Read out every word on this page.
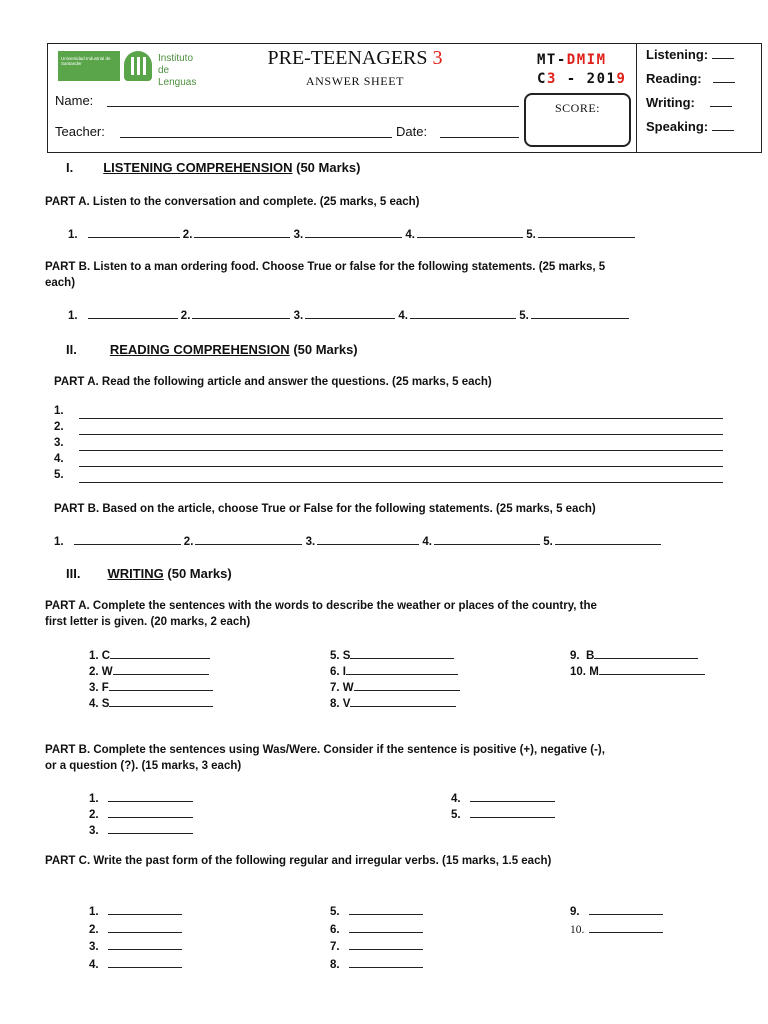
Universidad Industrial de Santander	Instituto de
Lenguas
PRE-TEENAGERS 3
ANSWER SHEET
MT-DMIM
C3 - 2019
SCORE:
Name:
Teacher:	Date:
Listening:
Reading:
Writing:
Speaking:
I. LISTENING COMPREHENSION (50 Marks)
PART A. Listen to the conversation and complete. (25 marks, 5 each)
1.	2.	3.	4.	5.
PART B. Listen to a man ordering food. Choose True or false for the following statements. (25 marks, 5
each)
1.	2.	3.	4.	5.
II.	READING COMPREHENSION (50 Marks)
PART A. Read the following article and answer the questions. (25 marks, 5 each)
1.
2.
3.
4.
5.
PART B. Based on the article, choose True or False for the following statements. (25 marks, 5 each)
1.	2.	3.	4.	5.
III. WRITING (50 Marks)
PART A. Complete the sentences with the words to describe the weather or places of the country, the
first letter is given. (20 marks, 2 each)
1. C
2. W
3. F
4. S
5. S
6. I
7. W
8. V
9. B
10. M
PART B. Complete the sentences using Was/Were. Consider if the sentence is positive (+), negative (-),
or a question (?). (15 marks, 3 each)
1.
2.
3.
4.
5.
PART C. Write the past form of the following regular and irregular verbs. (15 marks, 1.5 each)
1.
2.
3.
4.
5.
6.
7.
8.
9.
10.
